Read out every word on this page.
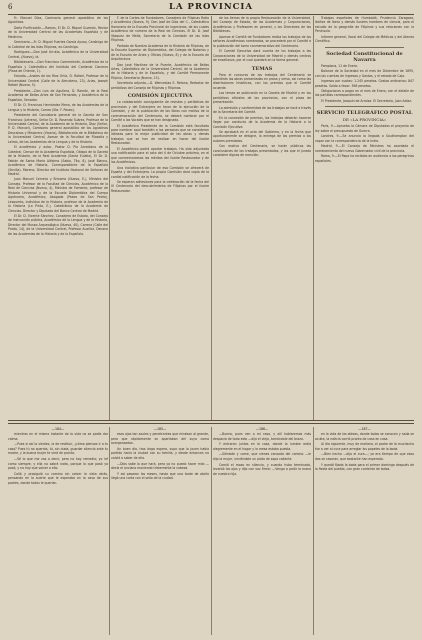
6	LA PROVINCIA

Fr. Manuel Díaz, Comisario general apostólico de los Agustinos.

Doña Purificación.—Ramos, El Dr. D. Miguel Guzmán, Rector de la Universidad Central de las Academias Española y de Medicina.

Seminario.—Fr. D. Miguel Fuertes García Ayuso, Canónigo de la Catedral de las Islas Filipinas, ex-Canónigo.

Rodríguez.—Don José Urrutia, Académico de la Universidad Central, (Nuevo), id.

Bibliotecario.—Don Francisco Commelerán, Académico de la Española y Catedrático del Instituto del Cardenal Cisneros (Plaza de Oriente, 1).

Estudio.—Anales de los Ríos Ortiz, D. Rafael, Profesor de la Universidad Central (Calle de la Almudena, 23), Arias, Joseph Rafael (Nueva, 5).

Presidente.—Don Luis de Aguilera, D. Ramón, de la Real Academia de Bellas Artes de San Fernando, y Académico de la Española, Senador.

El Dr. D. Francisco Hernández Mena, de las Academias de la Lengua y la Historia, Correo (Sta. F. Paseo).

Presidente del Consistorio general de la Gaceta de San Francisco (Letrero), Señor Dr. D. Rosendo Suárez, Profesor de la Universidad Central, de la Academia de la Historia, Diaz (Señor, P. D. Manuel), Comisario general apostólico de los Agustinos Descalzos y Misionero (Vicario), Bibliotecario de la Biblioteca de la Universidad Central, Asesor de la Facultad de Filosofía y Letras, de las Academias de la Lengua y de la Historia.

El académico y autor, Pastor D. Pío Arcediano de la Catedral, Censor de la Academia Española, Obispo de la Gaceta de la Historia, de la Real Academia (Santa Eulalia), El Dr. D. Fabián de Santa María Altisimo (Sabio, Tito, 8), José Blanco, Académico de Historia, Correspondiente de la Española (Sevilla). Moreno, Director del Instituto Nacional de Señoras de Madrid.

Juan Manuel Cervera y Bricomo (Nuevo, E.), Ministro del Consejo, Profesor de la Facultad de Ciencias, Académico de la Real de Ciencias (Nuevo, 4), Ministro de Fomento, profesor de Historia Universal y de la Escuela Diplomática del Cuerpo Agrónomo, Académico, Abogado (Paseo de San Pedro), Lesquerto, individuo de la Historia, profesor de la Academia de la Historia (La Pinta, E.), Catedrático de la Academia de Ciencias. Director y Diputado del Banco Central de Madrid.

El Dr. D. Vicente Sánchez, Consejero de Estado, del Consejo de Instrucción pública, Académico de la Lengua y de la Historia, Director del Museo Arqueológico (Nueva, 40), Carrera (Calle del Prado, 14), de la Universidad Central, Profesor Auxiliar, Decano de las Academias de la Historia y de la Española.

F. de la Cortes de Fundadores, Consejero de Filipinas Ratio y Académico (Nueva, 9). Don José de Dios del C., Catedrático Honorario de la Escuela Provincial de Ingenieros, de los cuales Académico de número de la Real de Ciencias. El Dr. D. José Vázquez de Mella, Secretario de la Comisión de las Islas Filipinas.

Portada de Nuestra Academia de la Historia de Filipinas, de la Escuela Superior de Diplomática, del Colegio de Notarios y de la Escuela de Artes y Oficios (Nuevo, 8) y de la Escuela de Arquitectura.

Don José Martínez de la Puente, Académico de Bellas Artes, Catedrático de la Universidad Central, de la Academia de la Historia y de la Española, y del Comité Permanente Filipino, Secretario (Nuevo, 15).

Secretario adjunto.—D. Wenceslao E. Retana, Redactor de periódicos del Consejo de Filipinas y Filipinas.

COMISIÓN EJECUTIVA

La colaboración consiguiente de revistas y periódicos de provincias y del Extranjero en favor de la ejecución de la Comisión, y de la publicación de los libros con motivo de la conmemoración del Centenario, se deberá nombrar por el Comité a los Vocales que se han designado.

El Académico Presidente de la Comisión está facultado para nombrar aquí también a las personas que se consideran idóneas para la mejor publicidad de las obras y demás trabajos que se han de realizar en honor del ilustre Restaurador.

El Académico podrá aportar trabajos. Ha sido adjuntado una notificación para el acto del 4 de Octubre próximo, en el que conmemoramos los méritos del ilustre Restaurador y de los Académicos.

Una iniciativa particular de esa Comisión se ofrecerá de España y del Extranjero. La propia Comisión dará copia de la cordial notificación de la fecha.

Se esperan adhesiones para la celebración de la fecha del IV Centenario del descubrimiento de Filipinas por el ilustre Restaurador.

de las tierras de la propia Restauración de la Universidad, del Consejo de Estado, de las Academias y Corporaciones, Académicos y Profesores en general, y los Directores de las Bibliotecas.

Apenas el Comité de Fundadores reciba los trabajos de los señores Académicos nombrados, se procederá por el Comité a la publicación del tomo conmemorativo del Centenario.

El Comité Ejecutivo dará cuenta de los trabajos a las Corporaciones de la Universidad de Madrid y demás centros de enseñanza, por el cual quedará en la forma general.

TEMAS

Para el concurso de los trabajos del Centenario se admitirán las obras presentadas en prosa y verso, así como las disertaciones históricas, con los premios que el Comité acuerde.

Los temas se publicarán en la Gaceta de Madrid y en los periódicos oficiales de las provincias, con el plazo de presentación.

La admisión y conformidad de los trabajos se hará a través de la Secretaría del Comité.

En la concesión de premios, los trabajos deberán hacerse llegar por conducto de la Academia de la Historia a la Comisión Ejecutiva.

Se aprobará en el acto del Gobierno, y en la fecha que oportunamente se designe, la entrega de los premios a los autores premiados.

Con motivo del Centenario, se harán públicas las conclusiones de los trabajos presentados, y los que el Jurado considere dignos de mención.

Trabajos españoles de Humboldt, Prudencio Zaragoza, Ibáñez de Ibero y demás ilustres hombres de ciencia, para el estudio de la geografía de Filipinas y sus relaciones con la Península.

Informe general, Vocal del Colegio de Médicos y del Ateneo Científico.

Sociedad Constitucional de Navarra

Pamplona, 11 de Enero.

Balance de la Sociedad en el mes de Diciembre de 1895, con las cuentas de Ingresos y Gastos, y el estado de Caja.

Ingresos por cuotas: 1.245 pesetas. Gastos ordinarios: 847 pesetas. Saldo a favor: 398 pesetas.

Obligaciones a pagar en el mes de Enero, con el detalle de las partidas correspondientes.

El Presidente, Joaquín de Arraiza. El Secretario, Juan Aldaz.

SERVICIO TELEGRÁFICO POSTAL
DE «LA PROVINCIA»

París, 9.—Aprueba la Cámara de Diputados el proyecto de ley sobre el presupuesto de Guerra.

Londres, 9.—Se anuncia la llegada a Southampton del vapor con la correspondencia de la India.

Madrid, 9.—El Consejo de Ministros ha acordado el nombramiento del nuevo Gobernador civil de la provincia.

Roma, 9.—El Papa ha recibido en audiencia a los peregrinos españoles.

—184—

mientras en el mismo instante de la vida no se podía dar calma.

—Pues si así lo sientes, la de restituir, ¿cómo piensas ir a tu casa? Pues tú no querrás, tú, sin duda, guardar silencio ante tu madre, y la buena mujer te verá de pronto.

—Sé lo que me vas a decir, pero no hay remedio; yo iré como siempre, y ella no sabrá nada, porque lo que pasó ya pasó, y no hay que volver a ello.

Calló y prosiguió su camino sin volver la vista atrás, pensando en la suerte que le esperaba en la casa de sus padres, donde todos le querían.

—185—

esos ojos tan azules y penetrantes que miraban al grande, pero que rápidamente se apartaban del suyo como avergonzados.

Un buen día, tras larga espera, supo que la joven había partido hacia la ciudad con su familia, y desde entonces no volvió a saber de ella.

—Dios sabe lo que hará, pero yo no puedo hacer más —decía el anciano moviendo tristemente la cabeza.

Y así pasaron los meses, hasta que una tarde de otoño llegó una carta con el sello de la ciudad.

—186—

—Bueno, pues ven a mi casa, y allí hablaremos más despacio de todo esto —dijo el viejo, tomándole del brazo.

Y entraron juntos en la casa, donde la lumbre ardía alegremente en el hogar y la mesa estaba puesta.

—Siéntate y come, que vienes cansado del camino —le dijo la mujer, sirviéndole un plato de sopa caliente.

Comió el mozo en silencio, y cuando hubo terminado, levantó los ojos y dijo con voz firme: —Vengo a pedir la mano de vuestra hija.

—187—

en la vida de las aldeas, donde todos se conocen y nada se oculta, la noticia corrió pronto de casa en casa.

Al día siguiente, muy de mañana, el padre de la muchacha fue a ver al cura para arreglar los papeles de la boda.

—Bien hecho —dijo el cura—; ya era tiempo de que esos dos se casaran, que bastante han esperado.

Y quedó fijada la boda para el primer domingo después de la fiesta del pueblo, con gran contento de todos.
